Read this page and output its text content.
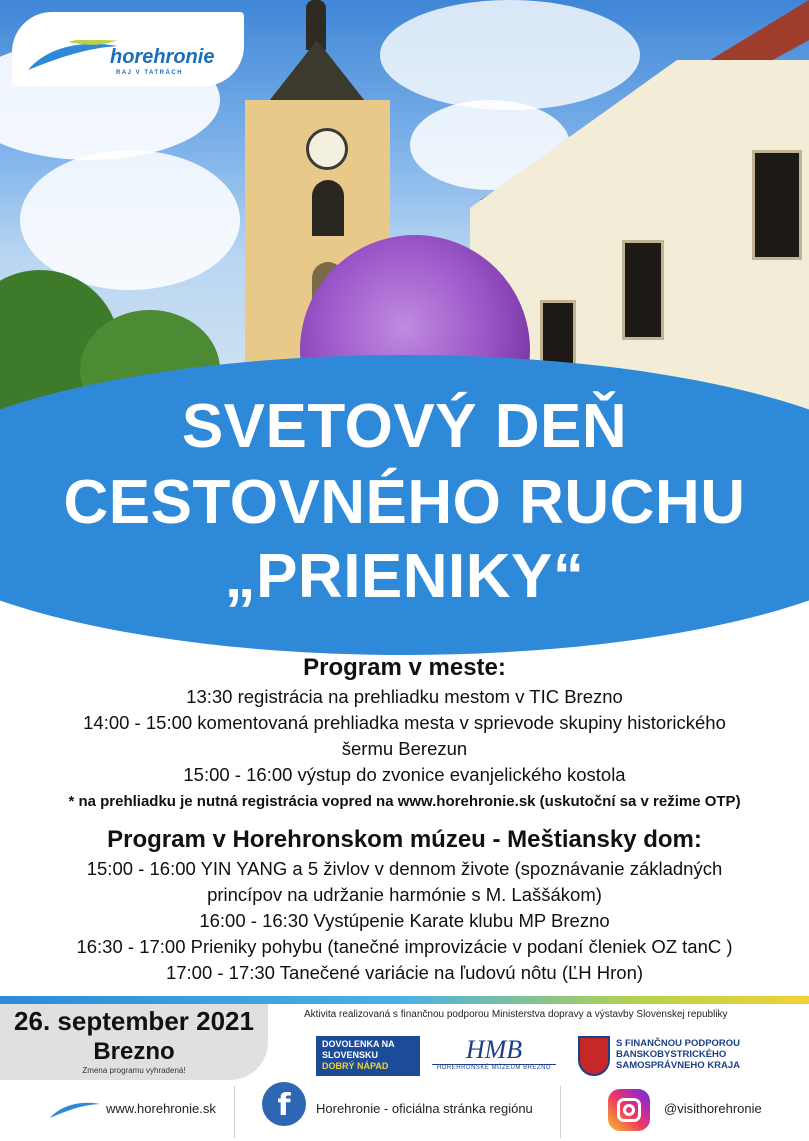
horehronie
RAJ V TATRÁCH
SVETOVÝ DEŇ
CESTOVNÉHO RUCHU
„PRIENIKY“
Program v meste:
13:30 registrácia na prehliadku mestom v TIC Brezno
14:00 - 15:00 komentovaná prehliadka mesta v sprievode skupiny historického
šermu Berezun
15:00 - 16:00 výstup do zvonice evanjelického kostola
* na prehliadku je nutná registrácia vopred na www.horehronie.sk (uskutoční sa v režime OTP)
Program v Horehronskom múzeu - Meštiansky dom:
15:00 - 16:00 YIN YANG a 5 živlov v dennom živote (spoznávanie základných
princípov na udržanie harmónie s M. Laššákom)
16:00 - 16:30 Vystúpenie Karate klubu MP Brezno
16:30 - 17:00 Prieniky pohybu (tanečné improvizácie v podaní členiek OZ tanC )
17:00 - 17:30 Tanečené variácie na ľudovú nôtu (ĽH Hron)
26. september 2021
Brezno
Zmena programu vyhradená!
Aktivita realizovaná s finančnou podporou Ministerstva dopravy a výstavby Slovenskej republiky
DOVOLENKA NA
SLOVENSKU
DOBRÝ NÁPAD
HMB
HOREHRONSKÉ MÚZEUM BREZNO
S FINANČNOU PODPOROU
BANSKOBYSTRICKÉHO
SAMOSPRÁVNEHO KRAJA
www.horehronie.sk	f	Horehronie - oficiálna stránka regiónu	@visithorehronie
